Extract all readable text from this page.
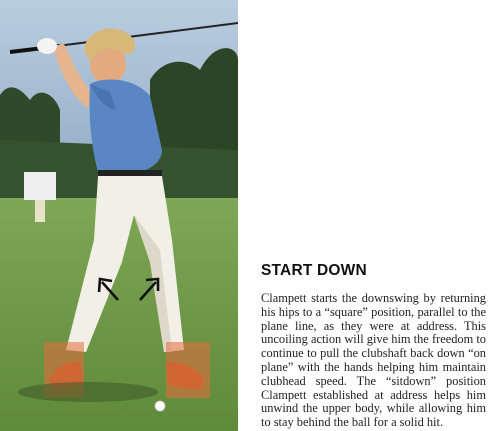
START DOWN

Clampett starts the downswing by returning his hips to a “square” position, parallel to the plane line, as they were at address. This uncoiling action will give him the freedom to continue to pull the clubshaft back down “on plane” with the hands helping him maintain clubhead speed. The “sitdown” position Clampett established at address helps him unwind the upper body, while allowing him to stay behind the ball for a solid hit.
